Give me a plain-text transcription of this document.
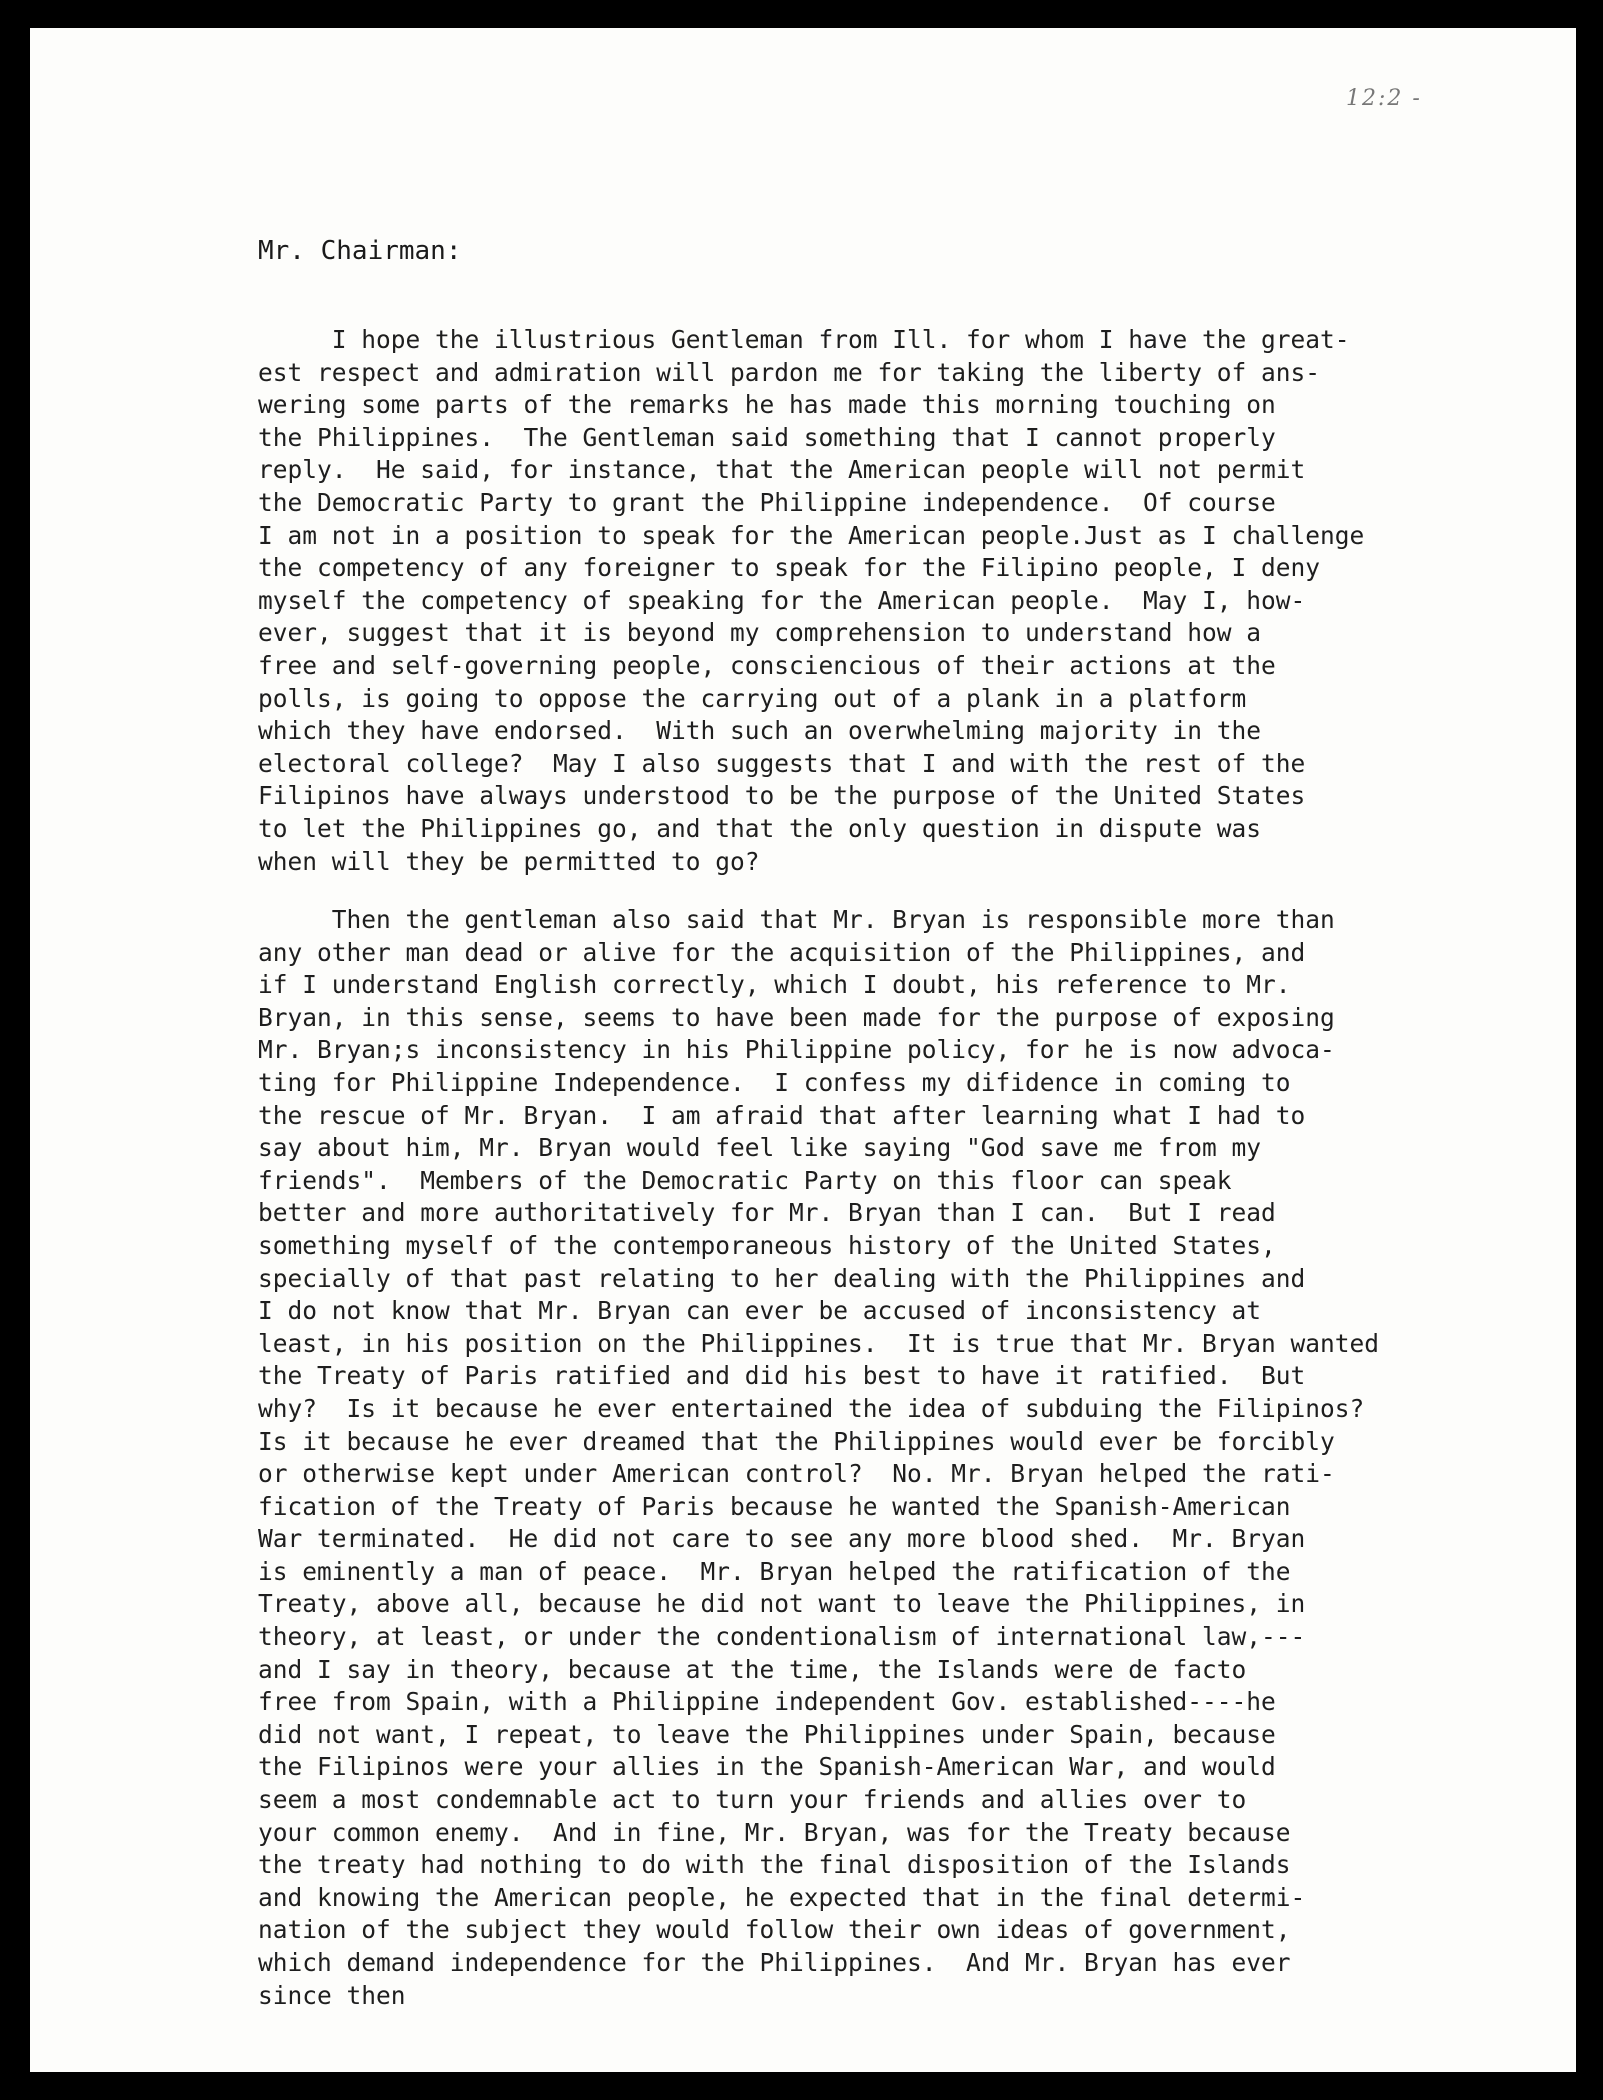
12:2 -
Mr. Chairman:
I hope the illustrious Gentleman from Ill. for whom I have the great-
est respect and admiration will pardon me for taking the liberty of ans-
wering some parts of the remarks he has made this morning touching on
the Philippines.  The Gentleman said something that I cannot properly
reply.  He said, for instance, that the American people will not permit
the Democratic Party to grant the Philippine independence.  Of course
I am not in a position to speak for the American people.Just as I challenge
the competency of any foreigner to speak for the Filipino people, I deny
myself the competency of speaking for the American people.  May I, how-
ever, suggest that it is beyond my comprehension to understand how a
free and self-governing people, consciencious of their actions at the
polls, is going to oppose the carrying out of a plank in a platform
which they have endorsed.  With such an overwhelming majority in the
electoral college?  May I also suggests that I and with the rest of the
Filipinos have always understood to be the purpose of the United States
to let the Philippines go, and that the only question in dispute was
when will they be permitted to go?
Then the gentleman also said that Mr. Bryan is responsible more than
any other man dead or alive for the acquisition of the Philippines, and
if I understand English correctly, which I doubt, his reference to Mr.
Bryan, in this sense, seems to have been made for the purpose of exposing
Mr. Bryan;s inconsistency in his Philippine policy, for he is now advoca-
ting for Philippine Independence.  I confess my difidence in coming to
the rescue of Mr. Bryan.  I am afraid that after learning what I had to
say about him, Mr. Bryan would feel like saying "God save me from my
friends".  Members of the Democratic Party on this floor can speak
better and more authoritatively for Mr. Bryan than I can.  But I read
something myself of the contemporaneous history of the United States,
specially of that past relating to her dealing with the Philippines and
I do not know that Mr. Bryan can ever be accused of inconsistency at
least, in his position on the Philippines.  It is true that Mr. Bryan wanted
the Treaty of Paris ratified and did his best to have it ratified.  But
why?  Is it because he ever entertained the idea of subduing the Filipinos?
Is it because he ever dreamed that the Philippines would ever be forcibly
or otherwise kept under American control?  No. Mr. Bryan helped the rati-
fication of the Treaty of Paris because he wanted the Spanish-American
War terminated.  He did not care to see any more blood shed.  Mr. Bryan
is eminently a man of peace.  Mr. Bryan helped the ratification of the
Treaty, above all, because he did not want to leave the Philippines, in
theory, at least, or under the condentionalism of international law,---
and I say in theory, because at the time, the Islands were de facto
free from Spain, with a Philippine independent Gov. established----he
did not want, I repeat, to leave the Philippines under Spain, because
the Filipinos were your allies in the Spanish-American War, and would
seem a most condemnable act to turn your friends and allies over to
your common enemy.  And in fine, Mr. Bryan, was for the Treaty because
the treaty had nothing to do with the final disposition of the Islands
and knowing the American people, he expected that in the final determi-
nation of the subject they would follow their own ideas of government,
which demand independence for the Philippines.  And Mr. Bryan has ever
since then
